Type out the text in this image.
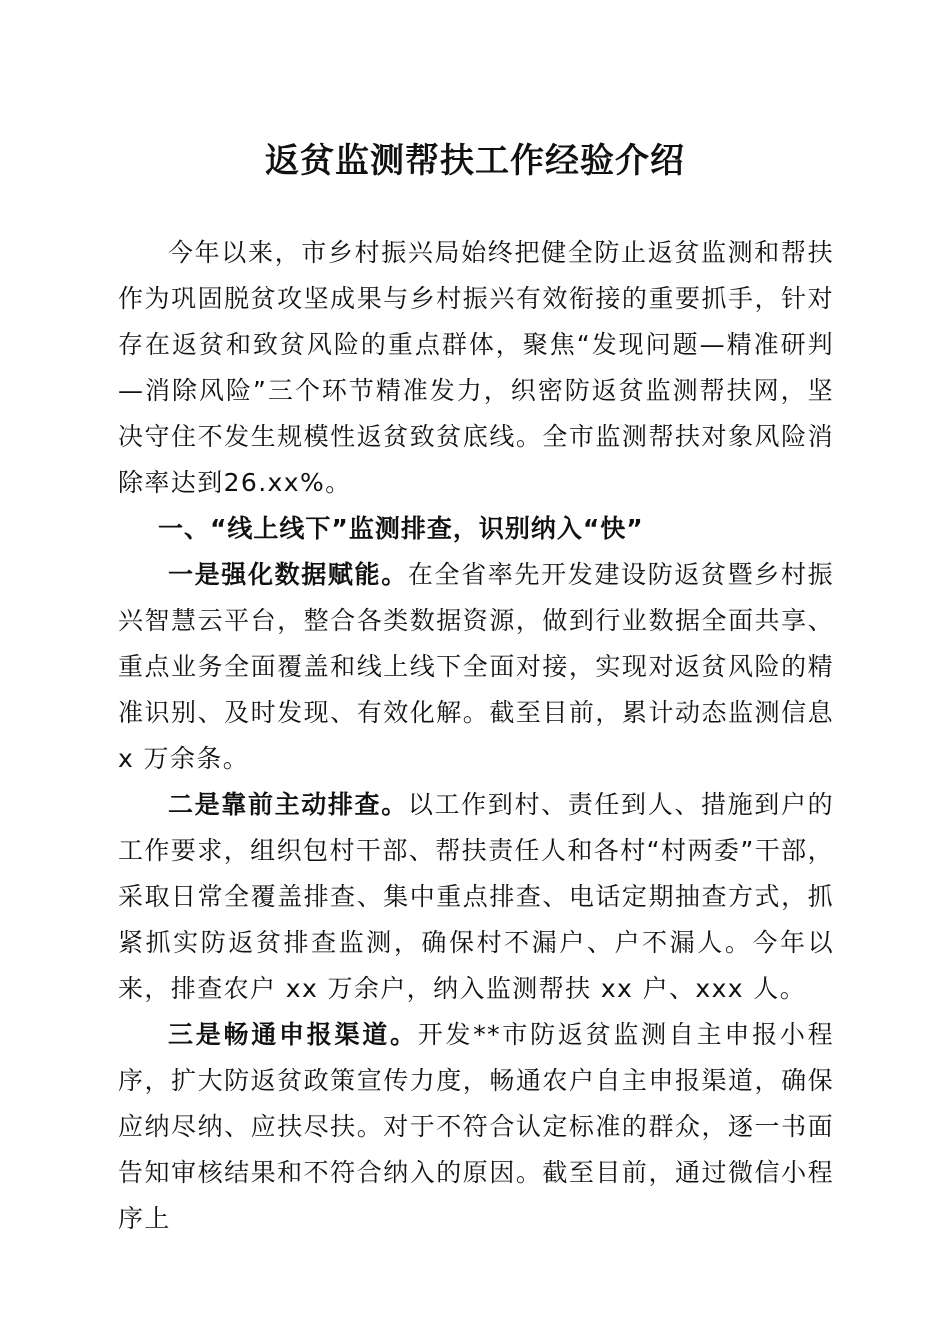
返贫监测帮扶工作经验介绍

今年以来，市乡村振兴局始终把健全防止返贫监测和帮扶作为巩固脱贫攻坚成果与乡村振兴有效衔接的重要抓手，针对存在返贫和致贫风险的重点群体，聚焦“发现问题—精准研判—消除风险”三个环节精准发力，织密防返贫监测帮扶网，坚决守住不发生规模性返贫致贫底线。全市监测帮扶对象风险消除率达到26.xx%。

一、“线上线下”监测排查，识别纳入“快”

一是强化数据赋能。在全省率先开发建设防返贫暨乡村振兴智慧云平台，整合各类数据资源，做到行业数据全面共享、重点业务全面覆盖和线上线下全面对接，实现对返贫风险的精准识别、及时发现、有效化解。截至目前，累计动态监测信息 x 万余条。

二是靠前主动排查。以工作到村、责任到人、措施到户的工作要求，组织包村干部、帮扶责任人和各村“村两委”干部，采取日常全覆盖排查、集中重点排查、电话定期抽查方式，抓紧抓实防返贫排查监测，确保村不漏户、户不漏人。今年以来，排查农户 xx 万余户，纳入监测帮扶 xx 户、xxx 人。

三是畅通申报渠道。开发**市防返贫监测自主申报小程序，扩大防返贫政策宣传力度，畅通农户自主申报渠道，确保应纳尽纳、应扶尽扶。对于不符合认定标准的群众，逐一书面告知审核结果和不符合纳入的原因。截至目前，通过微信小程序上
